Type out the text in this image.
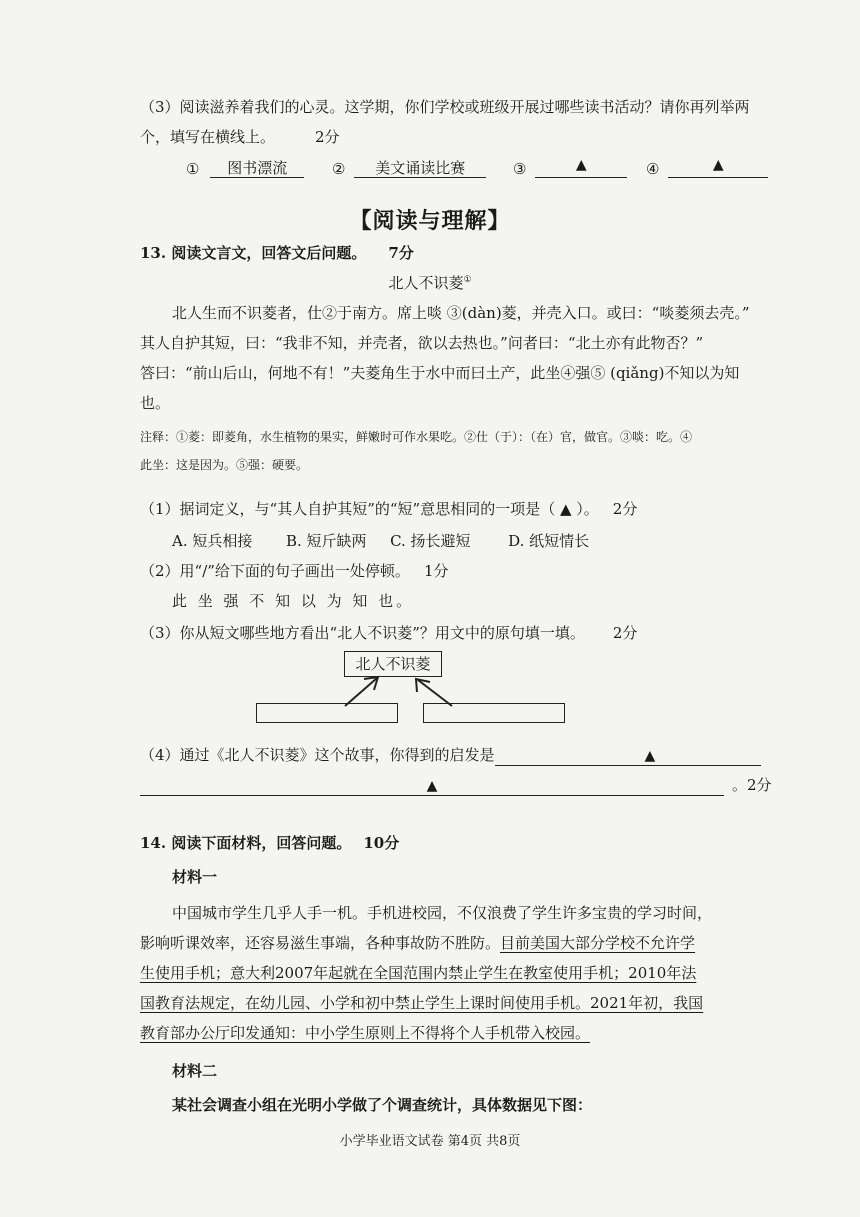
（3）阅读滋养着我们的心灵。这学期，你们学校或班级开展过哪些读书活动？请你再列举两
个，填写在横线上。	2分
① 图书漂流	② 美文诵读比赛	③	▲	④	▲
【阅读与理解】
13. 阅读文言文，回答文后问题。 7分
北人不识菱①
北人生而不识菱者，仕②于南方。席上啖 ③(dàn)菱，并壳入口。或曰：“啖菱须去壳。”
其人自护其短，曰：“我非不知，并壳者，欲以去热也。”问者曰：“北土亦有此物否？”
答曰：“前山后山，何地不有！”夫菱角生于水中而曰土产，此坐④强⑤ (qiǎng)不知以为知
也。
注释：①菱：即菱角，水生植物的果实，鲜嫩时可作水果吃。②仕（于）：（在）官，做官。③啖：吃。④
此坐：这是因为。⑤强：硬要。
（1）据词定义，与“其人自护其短”的“短”意思相同的一项是（ ▲ ）。 2分
A. 短兵相接 B. 短斤缺两 C. 扬长避短	D. 纸短情长
（2）用“/”给下面的句子画出一处停顿。 1分
此 坐 强 不 知 以 为 知 也。
（3）你从短文哪些地方看出“北人不识菱”？用文中的原句填一填。 2分
北人不识菱
（4）通过《北人不识菱》这个故事，你得到的启发是	▲
▲	。2分
14. 阅读下面材料，回答问题。 10分
材料一
中国城市学生几乎人手一机。手机进校园，不仅浪费了学生许多宝贵的学习时间，
影响听课效率，还容易滋生事端，各种事故防不胜防。目前美国大部分学校不允许学
生使用手机；意大利2007年起就在全国范围内禁止学生在教室使用手机；2010年法
国教育法规定，在幼儿园、小学和初中禁止学生上课时间使用手机。2021年初，我国
教育部办公厅印发通知：中小学生原则上不得将个人手机带入校园。
材料二
某社会调查小组在光明小学做了个调查统计，具体数据见下图：
小学毕业语文试卷 第4页 共8页
